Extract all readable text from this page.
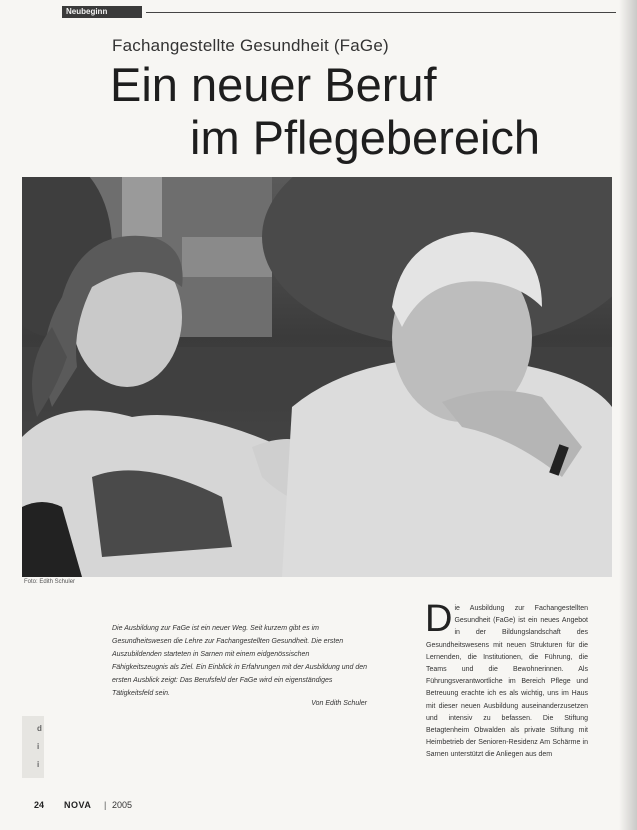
Neubeginn
Fachangestellte Gesundheit (FaGe)
Ein neuer Beruf
im Pflegebereich
Foto: Edith Schuler
Die Ausbildung zur FaGe ist ein neuer Weg. Seit kurzem gibt es im Gesundheitswesen die Lehre zur Fachangestellten Gesundheit. Die ersten Auszubildenden starteten in Sarnen mit einem eidgenössischen Fähigkeitszeugnis als Ziel. Ein Einblick in Erfahrungen mit der Ausbildung und den ersten Ausblick zeigt: Das Berufsfeld der FaGe wird ein eigenständiges Tätigkeitsfeld sein.
Von Edith Schuler
Die Ausbildung zur Fachangestellten Gesundheit (FaGe) ist ein neues Angebot in der Bildungslandschaft des Gesundheitswesens mit neuen Strukturen für die Lernenden, die Institutionen, die Führung, die Teams und die Bewohnerinnen. Als Führungsverantwortliche im Bereich Pflege und Betreuung erachte ich es als wichtig, uns im Haus mit dieser neuen Ausbildung auseinanderzusetzen und intensiv zu befassen. Die Stiftung Betagtenheim Obwalden als private Stiftung mit Heimbetrieb der Senioren-Residenz Am Schärme in Sarnen unterstützt die Anliegen aus dem
d
i
i
24 NOVA | 2005
